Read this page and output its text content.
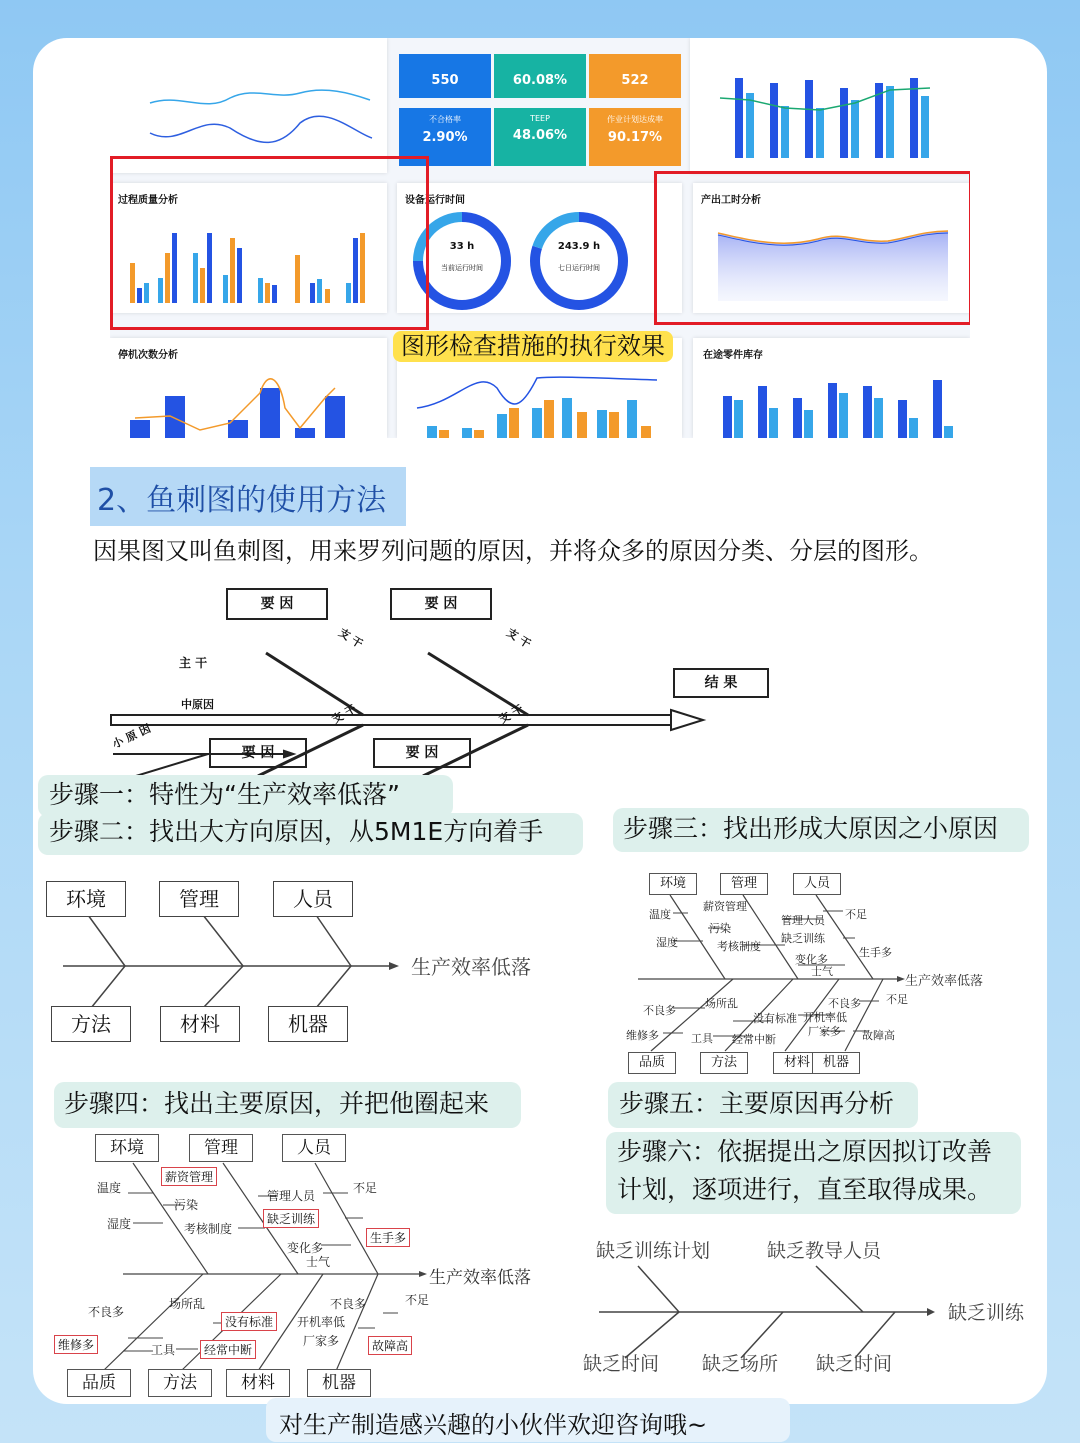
550	60.08%	522
不合格率
2.90%
TEEP
48.06%
作业计划达成率
90.17%
过程质量分析	设备运行时间
33 h
当前运行时间
243.9 h
七日运行时间
产出工时分析
停机次数分析	在途零件库存
图形检查措施的执行效果
2、鱼刺图的使用方法
因果图又叫鱼刺图，用来罗列问题的原因，并将众多的原因分类、分层的图形。
要 因	要 因
要 因	要 因
结 果
主 干
支 干	支 干
支 干	支 干
中原因
小 原 因
步骤一：特性为“生产效率低落”
步骤二：找出大方向原因，从5M1E方向着手	步骤三：找出形成大原因之小原因
环境	管理	人员
方法	材料	机器
生产效率低落
环境	管理	人员
品质	方法	材料 机器
温度
湿度
薪资管理
污染
考核制度
管理人员 不足
缺乏训练
生手多
变化多
士气
生产效率低落
不良多
维修多
场所乱
没有标准
工具 经常中断
不良多 不足
开机率低
厂家多 故障高
步骤四：找出主要原因，并把他圈起来	步骤五：主要原因再分析
步骤六：依据提出之原因拟订改善
计划，逐项进行，直至取得成果。
环境	管理	人员
品质	方法	材料	机器
温度
湿度
薪资管理
污染
考核制度
管理人员
不足
缺乏训练
生手多
变化多
士气
生产效率低落
不良多
维修多
场所乱
没有标准
工具	经常中断
不良多	不足
开机率低
厂家多	故障高
缺乏训练计划	缺乏教导人员
缺乏训练
缺乏时间 缺乏场所 缺乏时间
对生产制造感兴趣的小伙伴欢迎咨询哦~
